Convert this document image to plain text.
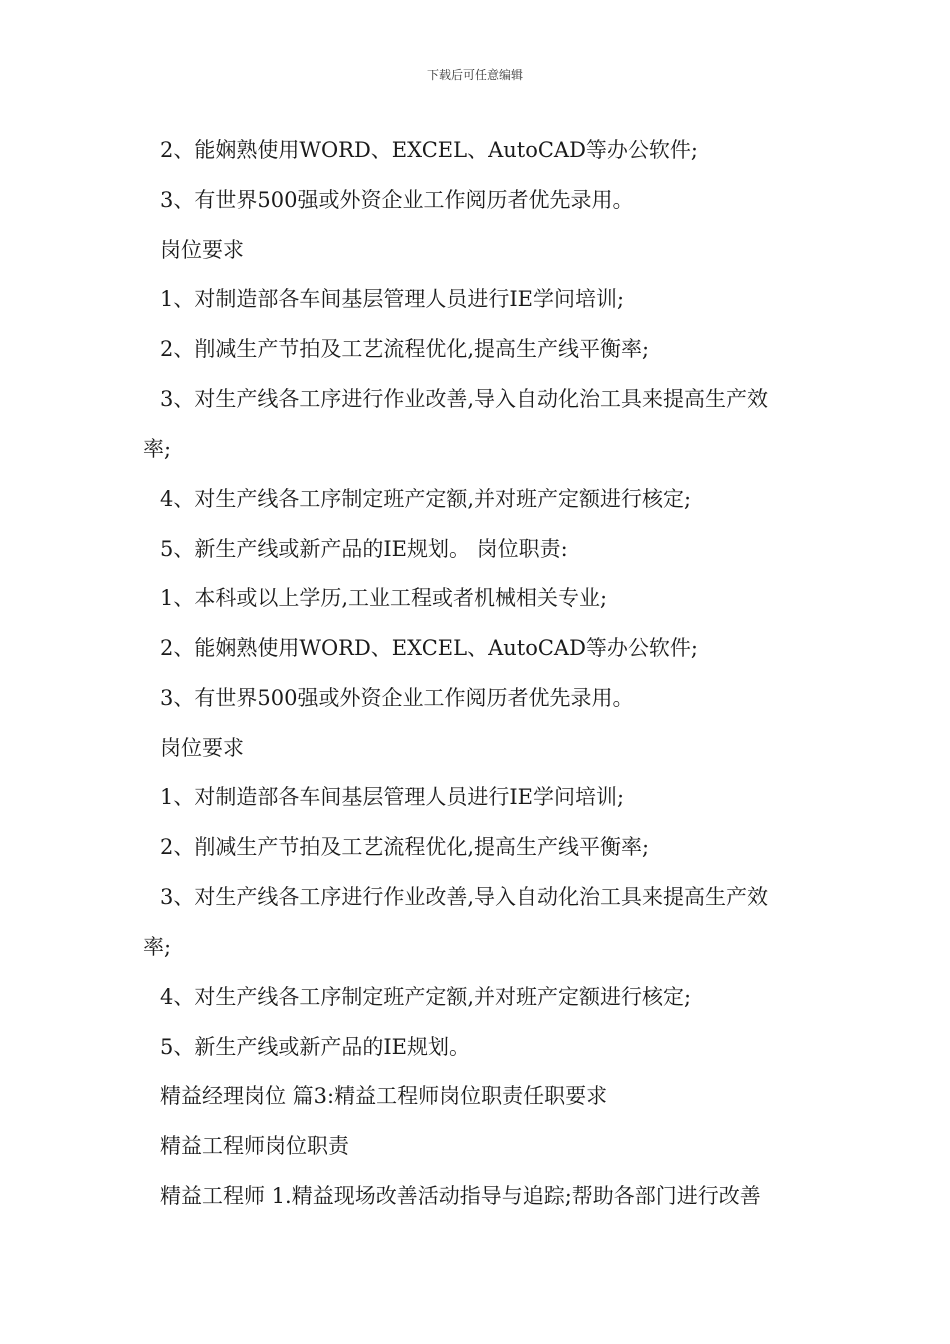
下载后可任意编辑
2、能娴熟使用WORD、EXCEL、AutoCAD等办公软件;
3、有世界500强或外资企业工作阅历者优先录用。
岗位要求
1、对制造部各车间基层管理人员进行IE学问培训;
2、削减生产节拍及工艺流程优化,提高生产线平衡率;
3、对生产线各工序进行作业改善,导入自动化治工具来提高生产效
率;
4、对生产线各工序制定班产定额,并对班产定额进行核定;
5、新生产线或新产品的IE规划。 岗位职责:
1、本科或以上学历,工业工程或者机械相关专业;
2、能娴熟使用WORD、EXCEL、AutoCAD等办公软件;
3、有世界500强或外资企业工作阅历者优先录用。
岗位要求
1、对制造部各车间基层管理人员进行IE学问培训;
2、削减生产节拍及工艺流程优化,提高生产线平衡率;
3、对生产线各工序进行作业改善,导入自动化治工具来提高生产效
率;
4、对生产线各工序制定班产定额,并对班产定额进行核定;
5、新生产线或新产品的IE规划。
精益经理岗位 篇3:精益工程师岗位职责任职要求
精益工程师岗位职责
精益工程师 1.精益现场改善活动指导与追踪;帮助各部门进行改善
